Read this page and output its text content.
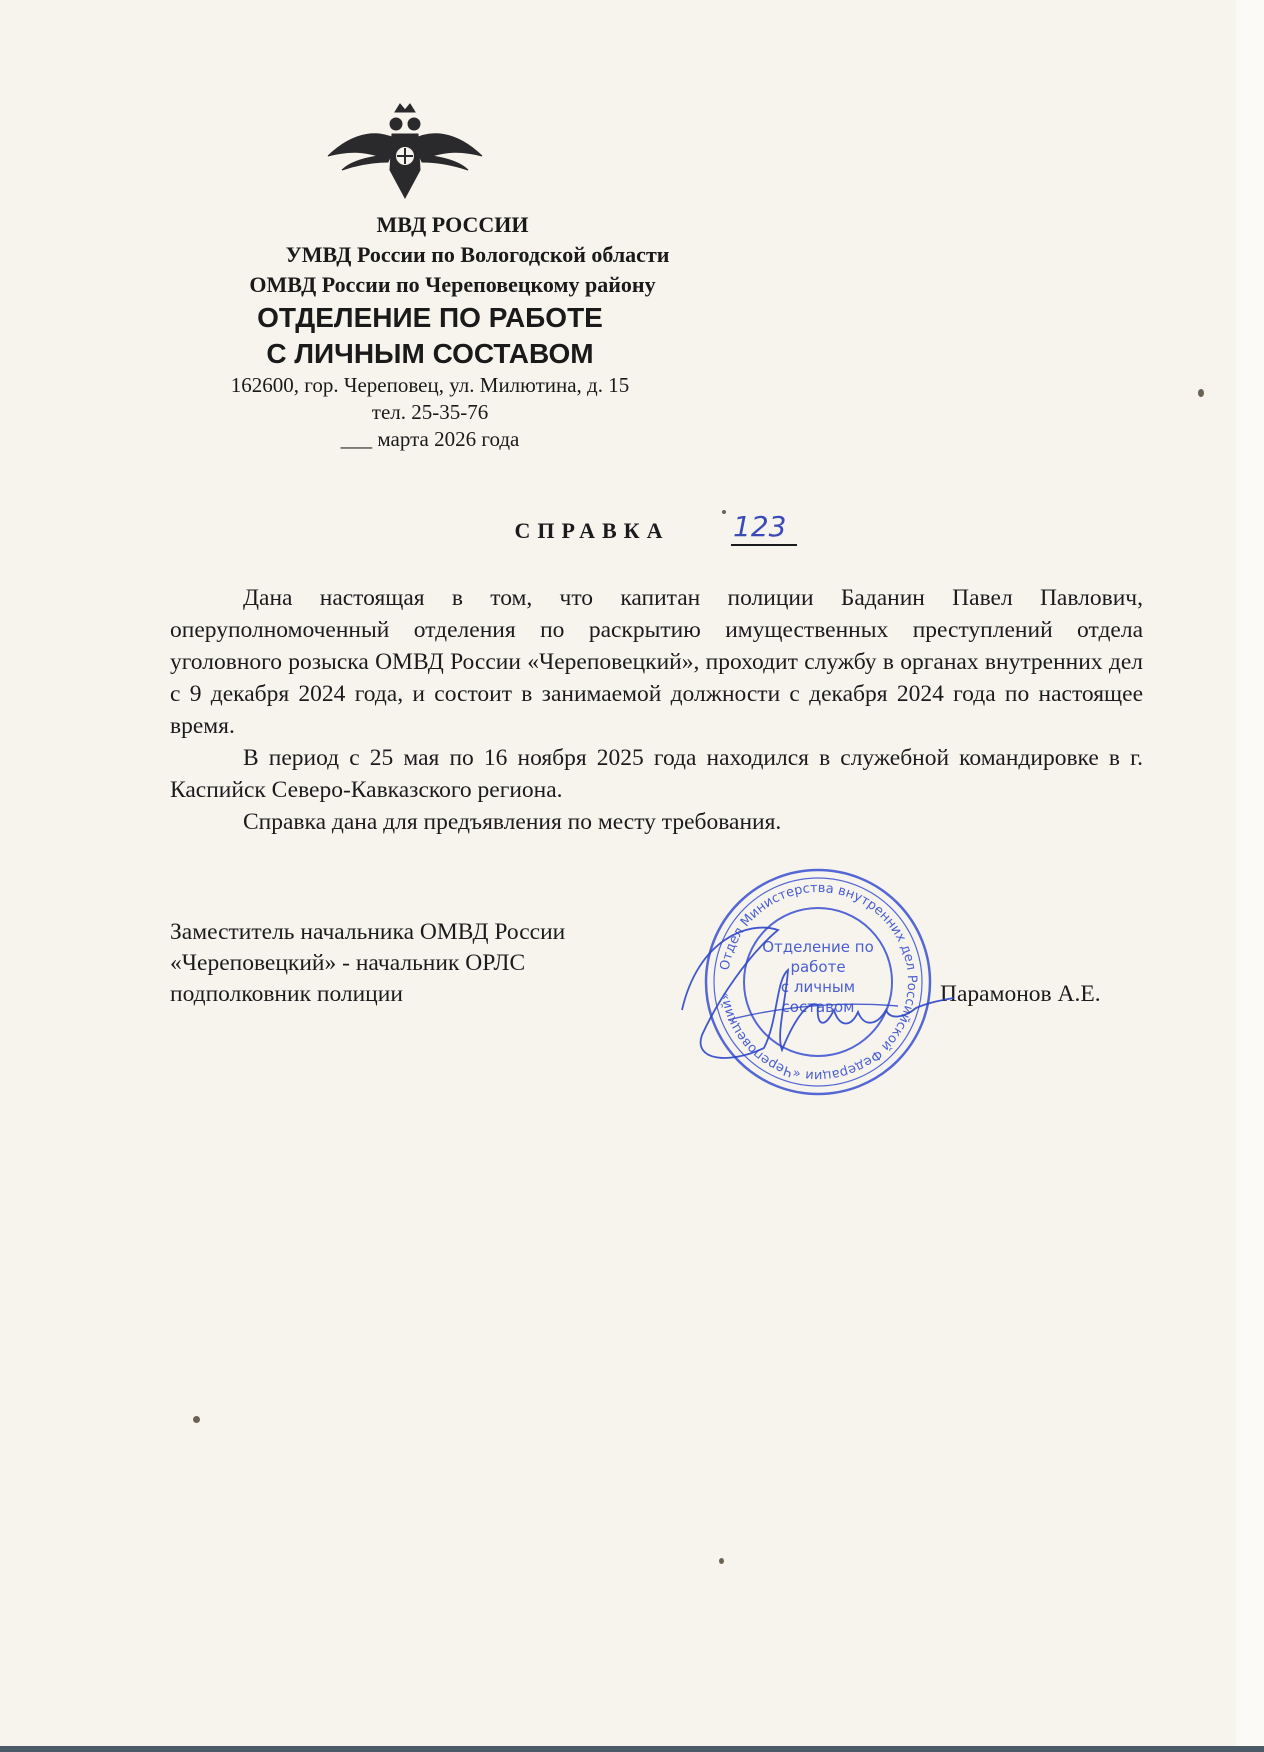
МВД РОССИИ
УМВД России по Вологодской области
ОМВД России по Череповецкому району
ОТДЕЛЕНИЕ ПО РАБОТЕ
С ЛИЧНЫМ СОСТАВОМ
162600, гор. Череповец, ул. Милютина, д. 15
тел. 25-35-76
___ марта 2026 года
СПРАВКА	123

Дана настоящая в том, что капитан полиции Баданин Павел Павлович, оперуполномоченный отделения по раскрытию имущественных преступлений отдела уголовного розыска ОМВД России «Череповецкий», проходит службу в органах внутренних дел с 9 декабря 2024 года, и состоит в занимаемой должности с декабря 2024 года по настоящее время.

В период с 25 мая по 16 ноября 2025 года находился в служебной командировке в г. Каспийск Северо-Кавказского региона.

Справка дана для предъявления по месту требования.

Заместитель начальника ОМВД России
«Череповецкий» - начальник ОРЛС
подполковник полиции	Парамонов А.Е.
Отдел Министерства внутренних дел Российской Федерации «Череповецкий»
Отделение по
работе
с личным
составом
